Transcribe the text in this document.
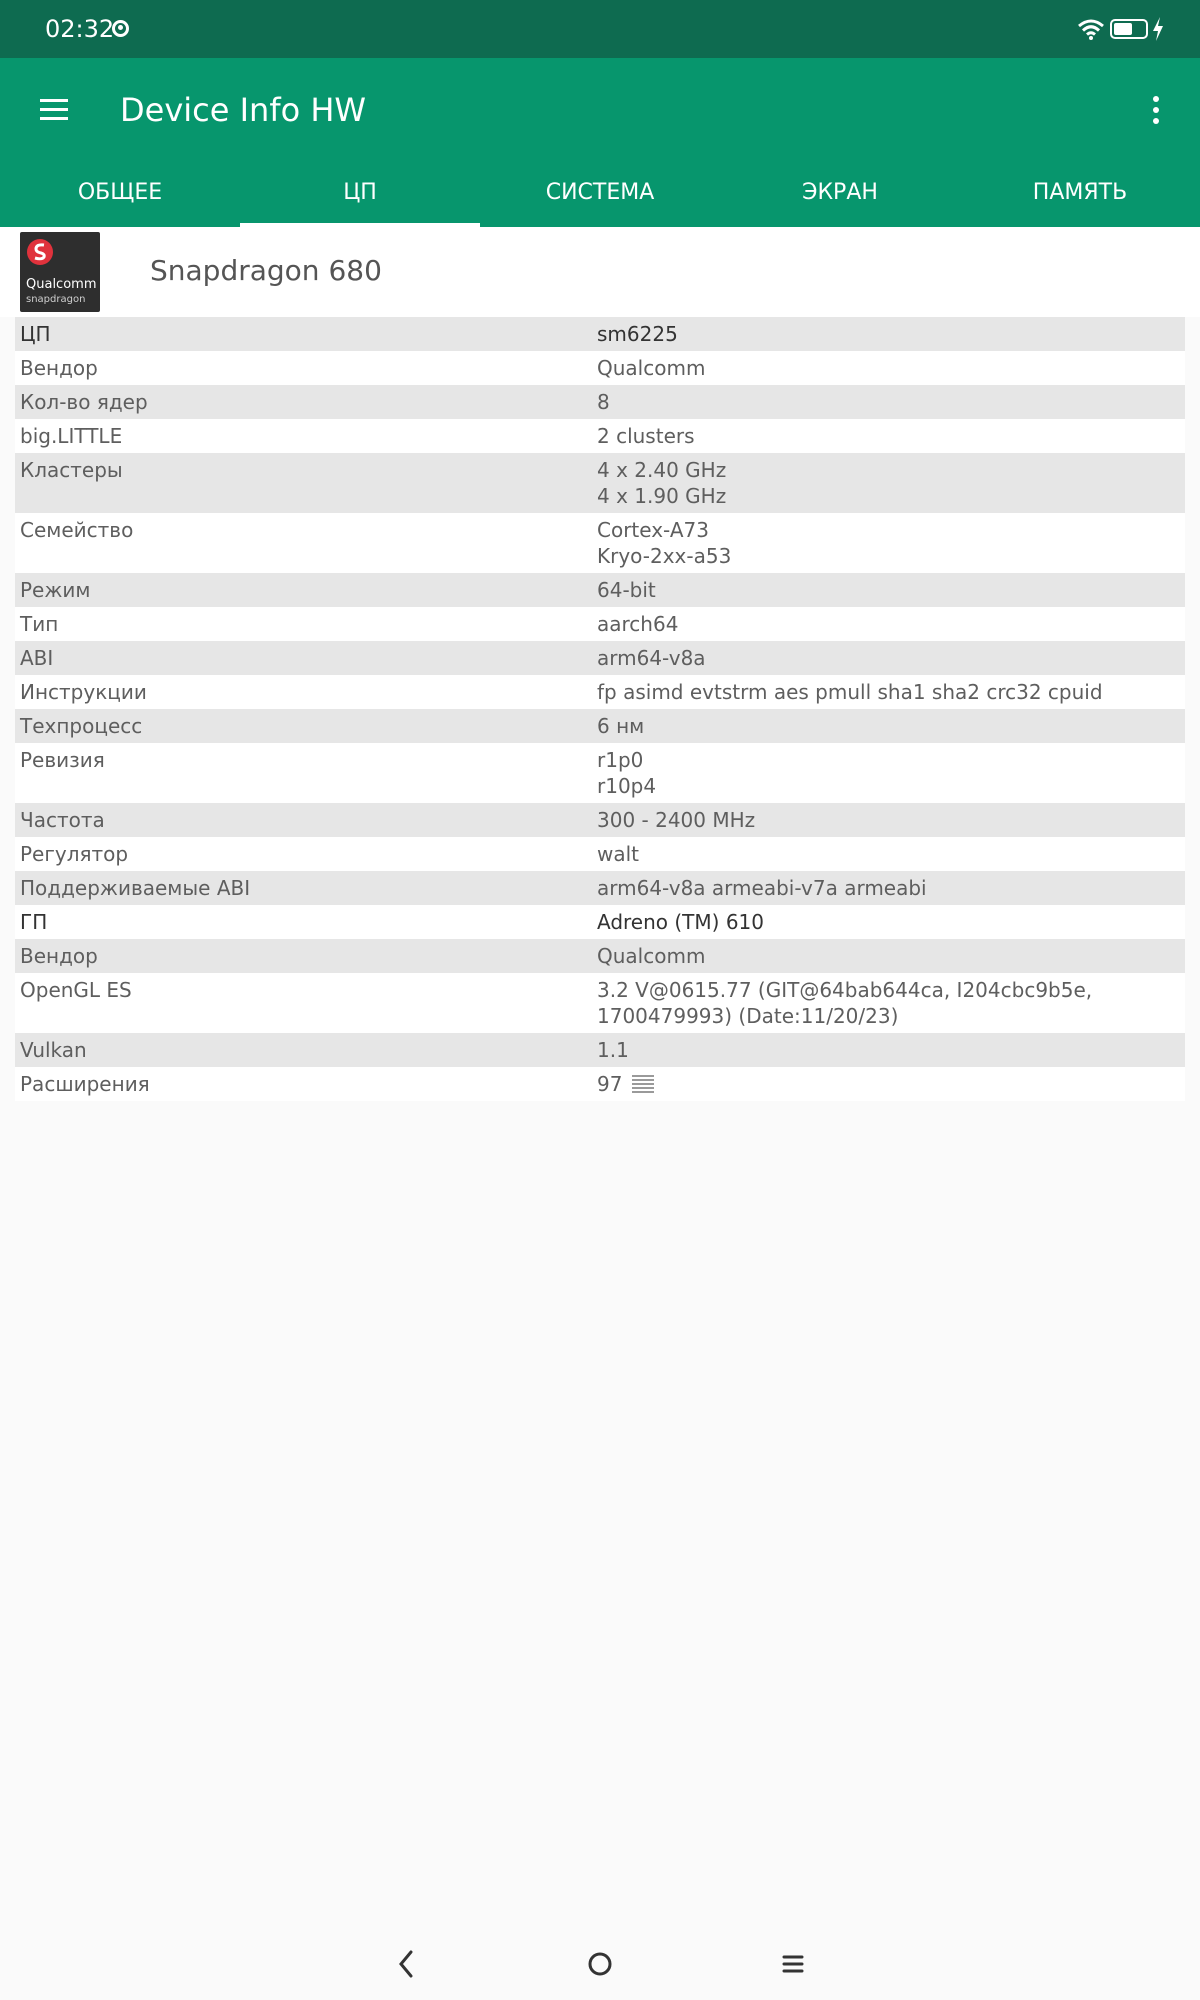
02:32
Device Info HW
ОБЩЕЕ	ЦП	СИСТЕМА	ЭКРАН	ПАМЯТЬ
Qualcomm
snapdragon
Snapdragon 680
ЦП	sm6225
Вендор	Qualcomm
Кол-во ядер	8
big.LITTLE	2 clusters
Кластеры	4 x 2.40 GHz
4 x 1.90 GHz
Семейство	Cortex-A73
Kryo-2xx-a53
Режим	64-bit
Тип	aarch64
ABI	arm64-v8a
Инструкции	fp asimd evtstrm aes pmull sha1 sha2 crc32 cpuid
Техпроцесс	6 нм
Ревизия	r1p0
r10p4
Частота	300 - 2400 MHz
Регулятор	walt
Поддерживаемые ABI	arm64-v8a armeabi-v7a armeabi
ГП	Adreno (TM) 610
Вендор	Qualcomm
OpenGL ES	3.2 V@0615.77 (GIT@64bab644ca, I204cbc9b5e,
1700479993) (Date:11/20/23)
Vulkan	1.1
Расширения	97
